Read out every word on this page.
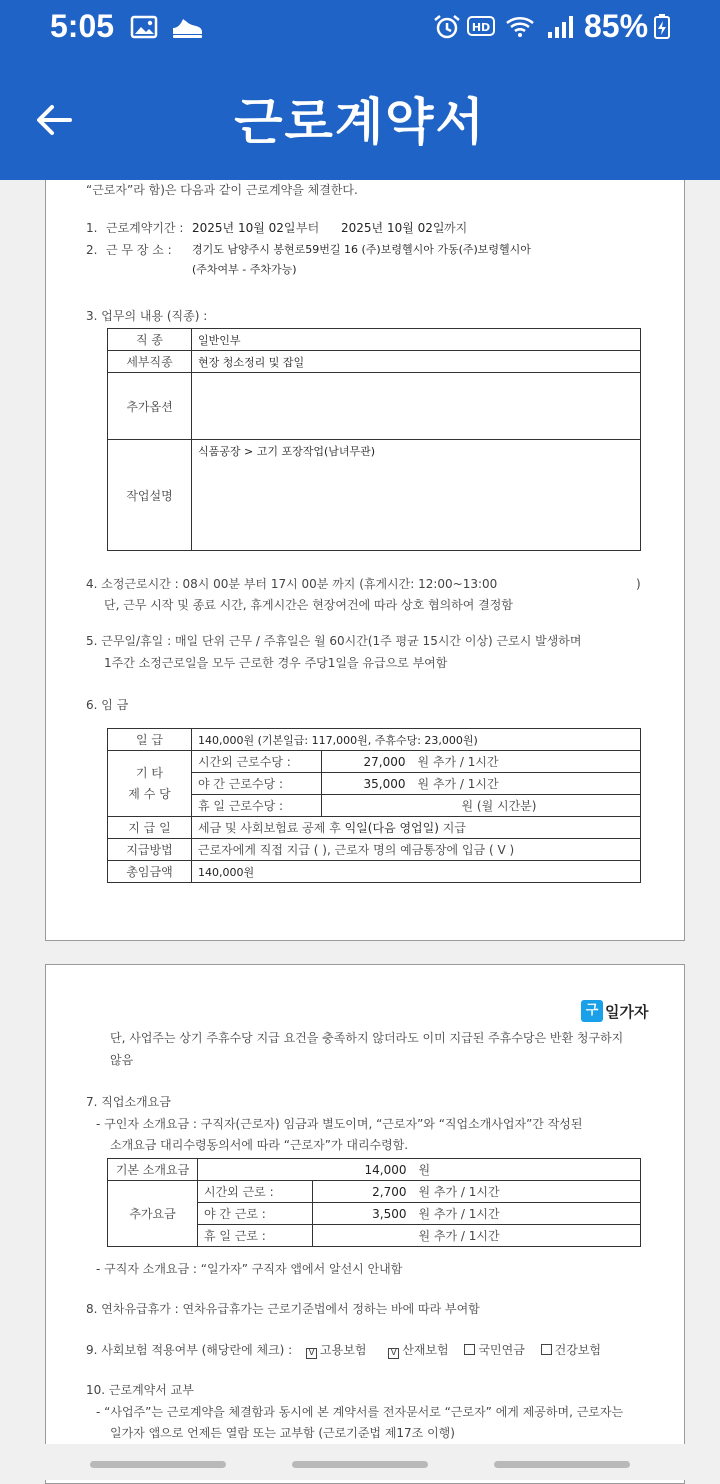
“근로자”라 함)은 다음과 같이 근로계약을 체결한다.
1. 근로계약기간 : 2025년 10월 02일 부터 2025년 10월 02일 까지
2. 근 무 장 소 : 경기도 남양주시 봉현로59번길 16 (주)보령헬시아 가동(주)보령헬시아
(주차여부 - 주차가능)
3. 업무의 내용 (직종) :
직 종	일반인부
세부직종	현장 청소정리 및 잡일
추가옵션	
작업설명	식품공장 > 고기 포장작업(남녀무관)
4. 소정근로시간 : 08시 00분 부터 17시 00분 까지 (휴게시간: 12:00~13:00	)
단, 근무 시작 및 종료 시간, 휴게시간은 현장여건에 따라 상호 협의하여 결정함
5. 근무일/휴일 : 매일 단위 근무 / 주휴일은 월 60시간(1주 평균 15시간 이상) 근로시 발생하며
1주간 소정근로일을 모두 근로한 경우 주당1일을 유급으로 부여함
6. 임 금
일 급	140,000원 (기본일급: 117,000원, 주휴수당: 23,000원)		

기 타
제 수 당	시간외 근로수당 :	27,000	원 추가 / 1시간
	야 간 근로수당 :	35,000	원 추가 / 1시간
	휴 일 근로수당 :		원 (월 시간분)
지 급 일	세금 및 사회보험료 공제 후 익일(다음 영업일) 지급		
지급방법	근로자에게 직접 지급 ( ), 근로자 명의 예금통장에 입금 ( V )		
총임금액	140,000원		
구 일가자
단, 사업주는 상기 주휴수당 지급 요건을 충족하지 않더라도 이미 지급된 주휴수당은 반환 청구하지
않음
7. 직업소개요금
- 구인자 소개요금 : 구직자(근로자) 임금과 별도이며, “근로자”와 “직업소개사업자”간 작성된
소개요금 대리수령동의서에 따라 “근로자”가 대리수령함.
기본 소개요금	14,000		원
추가요금	시간외 근로 :	2,700	원 추가 / 1시간
	야 간 근로 :	3,500	원 추가 / 1시간
	휴 일 근로 :		원 추가 / 1시간
- 구직자 소개요금 : “일가자” 구직자 앱에서 알선시 안내함
8. 연차유급휴가 : 연차유급휴가는 근로기준법에서 정하는 바에 따라 부여함
9. 사회보험 적용여부 (해당란에 체크) : V 고용보험	V 산재보험 국민연금 건강보험
10. 근로계약서 교부
- “사업주”는 근로계약을 체결함과 동시에 본 계약서를 전자문서로 “근로자” 에게 제공하며, 근로자는
일가자 앱으로 언제든 열람 또는 교부함 (근로기준법 제17조 이행)
5:05	HD	85%
근로계약서
